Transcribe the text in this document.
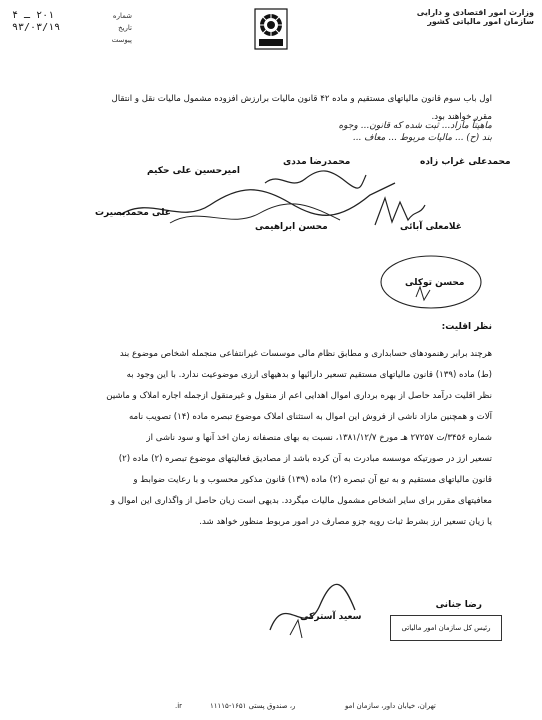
وزارت امور اقتصادی و دارایی
سازمان امور مالیاتی کشور
شماره
۲۰۱ ـ ۴
تاریخ
۹۳/۰۳/۱۹
پیوست
اول باب سوم قانون مالیاتهای مستقیم و ماده ۴۲ قانون مالیات برارزش افزوده مشمول مالیات نقل و انتقال
مقرر خواهند بود.
ماهیتاً مازاد... ثبت شده که قانون... وجوه
بند (ح) ... مالیات مربوط ... معاف ...
محمدعلی غراب زاده
محمدرضا مددی
امیرحسین علی حکیم
غلامعلی آبائی
محسن ابراهیمی
علی محمدبصیرت
محسن توکلی
نظر اقلیت:
هرچند برابر رهنمودهای حسابداری و مطابق نظام مالی موسسات غیرانتفاعی منجمله اشخاص موضوع بند
(ط) ماده (۱۳۹) قانون مالیاتهای مستقیم تسعیر دارائیها و بدهیهای ارزی موضوعیت ندارد. با این وجود به
نظر اقلیت درآمد حاصل از بهره برداری اموال اهدایی اعم از منقول و غیرمنقول ازجمله اجاره املاک و ماشین
آلات و همچنین مازاد ناشی از فروش این اموال به استثنای املاک موضوع تبصره ماده (۱۴) تصویب نامه
شماره ۳۴۵۶/ت ۲۷۲۵۷ هـ مورخ ۱۳۸۱/۱۲/۷، نسبت به بهای منصفانه زمان اخذ آنها و سود ناشی از
تسعیر ارز در صورتیکه موسسه مبادرت به آن کرده باشد از مصادیق فعالیتهای موضوع تبصره (۲) ماده (۲)
قانون مالیاتهای مستقیم و به تبع آن تبصره (۲) ماده (۱۳۹) قانون مذکور محسوب و با رعایت ضوابط و
معافیتهای مقرر برای سایر اشخاص مشمول مالیات میگردد. بدیهی است زیان حاصل از واگذاری این اموال و
یا زیان تسعیر ارز بشرط ثبات رویه جزو مصارف در امور مربوط منظور خواهد شد.
رضا جنانی
رئیس کل سازمان امور مالیاتی
سعید آسترکی
.ir	ر، صندوق پستی ۱۶۵۱-۱۱۱۱۵	تهران، خیابان داور، سازمان امو
